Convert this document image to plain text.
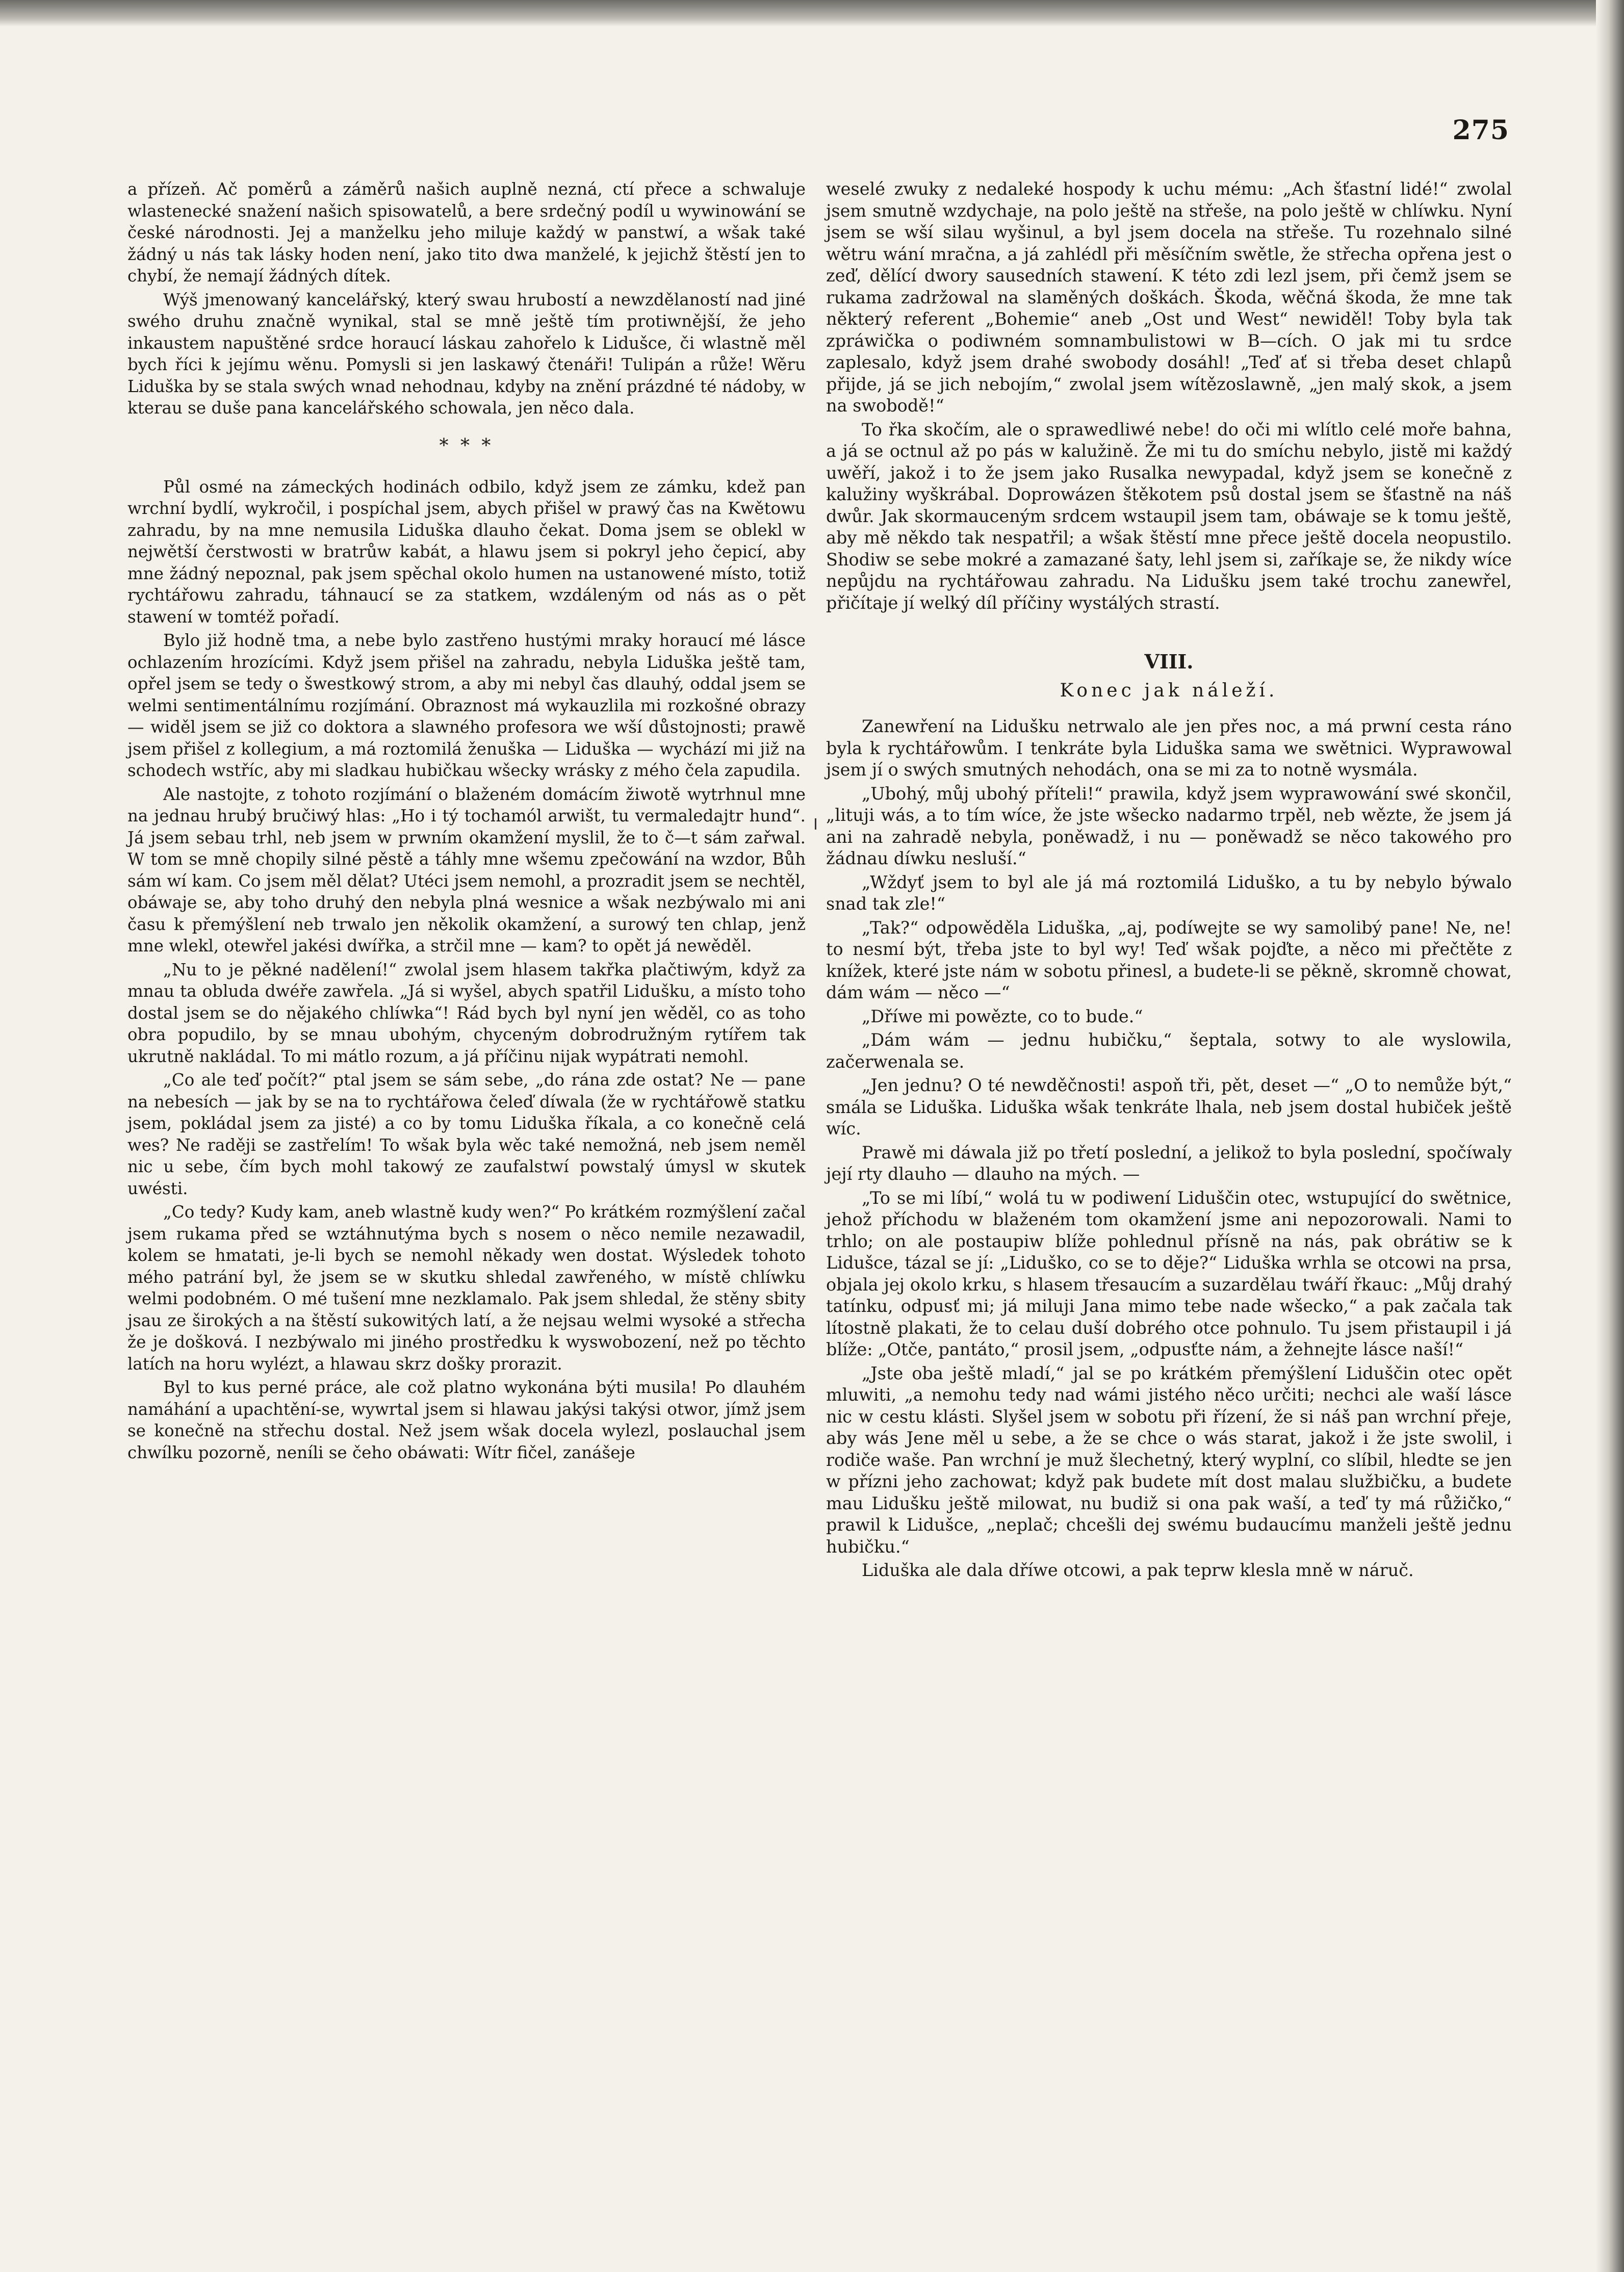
275

a přízeň. Ač poměrů a záměrů našich auplně nezná, ctí přece a schwaluje wlastenecké snažení našich spisowatelů, a bere srdečný podíl u wywinowání se české národnosti. Jej a manželku jeho miluje každý w panstwí, a wšak také žádný u nás tak lásky hoden není, jako tito dwa manželé, k jejichž štěstí jen to chybí, že nemají žádných dítek.

Wýš jmenowaný kancelářský, který swau hrubostí a newzdělaností nad jiné swého druhu značně wynikal, stal se mně ještě tím protiwnější, že jeho inkaustem napuštěné srdce horaucí láskau zahořelo k Lidušce, či wlastně měl bych říci k jejímu wěnu. Pomysli si jen laskawý čtenáři! Tulipán a růže! Wěru Liduška by se stala swých wnad nehodnau, kdyby na znění prázdné té nádoby, w kterau se duše pana kancelářského schowala, jen něco dala.

* * *

Půl osmé na zámeckých hodinách odbilo, když jsem ze zámku, kdež pan wrchní bydlí, wykročil, i pospíchal jsem, abych přišel w prawý čas na Kwětowu zahradu, by na mne nemusila Liduška dlauho čekat. Doma jsem se oblekl w nejwětší čerstwosti w bratrůw kabát, a hlawu jsem si pokryl jeho čepicí, aby mne žádný nepoznal, pak jsem spěchal okolo humen na ustanowené místo, totiž rychtářowu zahradu, táhnaucí se za statkem, wzdáleným od nás as o pět stawení w tomtéž pořadí.

Bylo již hodně tma, a nebe bylo zastřeno hustými mraky horaucí mé lásce ochlazením hrozícími. Když jsem přišel na zahradu, nebyla Liduška ještě tam, opřel jsem se tedy o šwestkowý strom, a aby mi nebyl čas dlauhý, oddal jsem se welmi sentimentálnímu rozjímání. Obraznost má wykauzlila mi rozkošné obrazy — widěl jsem se již co doktora a slawného profesora we wší důstojnosti; prawě jsem přišel z kollegium, a má roztomilá ženuška — Liduška — wychází mi již na schodech wstříc, aby mi sladkau hubičkau wšecky wrásky z mého čela zapudila.

Ale nastojte, z tohoto rozjímání o blaženém domácím žiwotě wytrhnul mne na jednau hrubý bručiwý hlas: „Ho i tý tochamól arwišt, tu vermaledajtr hund“. Já jsem sebau trhl, neb jsem w prwním okamžení myslil, že to č—t sám zařwal. W tom se mně chopily silné pěstě a táhly mne wšemu zpečowání na wzdor, Bůh sám wí kam. Co jsem měl dělat? Utéci jsem nemohl, a prozradit jsem se nechtěl, obáwaje se, aby toho druhý den nebyla plná wesnice a wšak nezbýwalo mi ani času k přemýšlení neb trwalo jen několik okamžení, a surowý ten chlap, jenž mne wlekl, otewřel jakési dwířka, a strčil mne — kam? to opět já newěděl.

„Nu to je pěkné nadělení!“ zwolal jsem hlasem takřka plačtiwým, když za mnau ta obluda dwéře zawřela. „Já si wyšel, abych spatřil Lidušku, a místo toho dostal jsem se do nějakého chlíwka“! Rád bych byl nyní jen wěděl, co as toho obra popudilo, by se mnau ubohým, chyceným dobrodružným rytířem tak ukrutně nakládal. To mi mátlo rozum, a já příčinu nijak wypátrati nemohl.

„Co ale teď počít?“ ptal jsem se sám sebe, „do rána zde ostat? Ne — pane na nebesích — jak by se na to rychtářowa čeleď díwala (že w rychtářowě statku jsem, pokládal jsem za jisté) a co by tomu Liduška říkala, a co konečně celá wes? Ne raději se zastřelím! To wšak byla wěc také nemožná, neb jsem neměl nic u sebe, čím bych mohl takowý ze zaufalstwí powstalý úmysl w skutek uwésti.

„Co tedy? Kudy kam, aneb wlastně kudy wen?“ Po krátkém rozmýšlení začal jsem rukama před se wztáhnutýma bych s nosem o něco nemile nezawadil, kolem se hmatati, je-li bych se nemohl někady wen dostat. Wýsledek tohoto mého patrání byl, že jsem se w skutku shledal zawřeného, w místě chlíwku welmi podobném. O mé tušení mne nezklamalo. Pak jsem shledal, že stěny sbity jsau ze širokých a na štěstí sukowitých latí, a že nejsau welmi wysoké a střecha že je došková. I nezbýwalo mi jiného prostředku k wyswobození, než po těchto latích na horu wylézt, a hlawau skrz došky prorazit.

Byl to kus perné práce, ale což platno wykonána býti musila! Po dlauhém namáhání a upachtění-se, wywrtal jsem si hlawau jakýsi takýsi otwor, jímž jsem se konečně na střechu dostal. Než jsem wšak docela wylezl, poslauchal jsem chwílku pozorně, neníli se čeho obáwati: Wítr fičel, zanášeje

weselé zwuky z nedaleké hospody k uchu mému: „Ach šťastní lidé!“ zwolal jsem smutně wzdychaje, na polo ještě na střeše, na polo ještě w chlíwku. Nyní jsem se wší silau wyšinul, a byl jsem docela na střeše. Tu rozehnalo silné wětru wání mračna, a já zahlédl při měsíčním swětle, že střecha opřena jest o zeď, dělící dwory sausedních stawení. K této zdi lezl jsem, při čemž jsem se rukama zadržowal na slaměných doškách. Škoda, wěčná škoda, že mne tak některý referent „Bohemie“ aneb „Ost und West“ newiděl! Toby byla tak zpráwička o podiwném somnambulistowi w B—cích. O jak mi tu srdce zaplesalo, když jsem drahé swobody dosáhl! „Teď ať si třeba deset chlapů přijde, já se jich nebojím,“ zwolal jsem wítězoslawně, „jen malý skok, a jsem na swobodě!“

To řka skočím, ale o sprawedliwé nebe! do oči mi wlítlo celé moře bahna, a já se octnul až po pás w kalužině. Že mi tu do smíchu nebylo, jistě mi každý uwěří, jakož i to že jsem jako Rusalka newypadal, když jsem se konečně z kalužiny wyškrábal. Doprowázen štěkotem psů dostal jsem se šťastně na náš dwůr. Jak skormauceným srdcem wstaupil jsem tam, obáwaje se k tomu ještě, aby mě někdo tak nespatřil; a wšak štěstí mne přece ještě docela neopustilo. Shodiw se sebe mokré a zamazané šaty, lehl jsem si, zaříkaje se, že nikdy wíce nepůjdu na rychtářowau zahradu. Na Lidušku jsem také trochu zanewřel, přičítaje jí welký díl příčiny wystálých strastí.

VIII.
Konec jak náleží.

Zanewření na Lidušku netrwalo ale jen přes noc, a má prwní cesta ráno byla k rychtářowům. I tenkráte byla Liduška sama we swětnici. Wyprawowal jsem jí o swých smutných nehodách, ona se mi za to notně wysmála.

„Ubohý, můj ubohý příteli!“ prawila, když jsem wyprawowání swé skončil, „lituji wás, a to tím wíce, že jste wšecko nadarmo trpěl, neb wězte, že jsem já ani na zahradě nebyla, poněwadž, i nu — poněwadž se něco takowého pro žádnau díwku nesluší.“

„Wždyť jsem to byl ale já má roztomilá Liduško, a tu by nebylo býwalo snad tak zle!“

„Tak?“ odpowěděla Liduška, „aj, podíwejte se wy samolibý pane! Ne, ne! to nesmí být, třeba jste to byl wy! Teď wšak pojďte, a něco mi přečtěte z knížek, které jste nám w sobotu přinesl, a budete-li se pěkně, skromně chowat, dám wám — něco —“

„Dříwe mi powězte, co to bude.“

„Dám wám — jednu hubičku,“ šeptala, sotwy to ale wyslowila, začerwenala se.

„Jen jednu? O té newděčnosti! aspoň tři, pět, deset —“ „O to nemůže být,“ smála se Liduška. Liduška wšak tenkráte lhala, neb jsem dostal hubiček ještě wíc.

Prawě mi dáwala již po třetí poslední, a jelikož to byla poslední, spočíwaly její rty dlauho — dlauho na mých. —

„To se mi líbí,“ wolá tu w podiwení Liduščin otec, wstupující do swětnice, jehož příchodu w blaženém tom okamžení jsme ani nepozorowali. Nami to trhlo; on ale postaupiw blíže pohlednul přísně na nás, pak obrátiw se k Lidušce, tázal se jí: „Liduško, co se to děje?“ Liduška wrhla se otcowi na prsa, objala jej okolo krku, s hlasem třesaucím a suzardělau twáří řkauc: „Můj drahý tatínku, odpusť mi; já miluji Jana mimo tebe nade wšecko,“ a pak začala tak lítostně plakati, že to celau duší dobrého otce pohnulo. Tu jsem přistaupil i já blíže: „Otče, pantáto,“ prosil jsem, „odpusťte nám, a žehnejte lásce naší!“

„Jste oba ještě mladí,“ jal se po krátkém přemýšlení Liduščin otec opět mluwiti, „a nemohu tedy nad wámi jistého něco určiti; nechci ale waší lásce nic w cestu klásti. Slyšel jsem w sobotu při řízení, že si náš pan wrchní přeje, aby wás Jene měl u sebe, a že se chce o wás starat, jakož i že jste swolil, i rodiče waše. Pan wrchní je muž šlechetný, který wyplní, co slíbil, hledte se jen w přízni jeho zachowat; když pak budete mít dost malau službičku, a budete mau Lidušku ještě milowat, nu budiž si ona pak waší, a teď ty má růžičko,“ prawil k Lidušce, „neplač; chcešli dej swému budaucímu manželi ještě jednu hubičku.“

Liduška ale dala dříwe otcowi, a pak teprw klesla mně w náruč.
